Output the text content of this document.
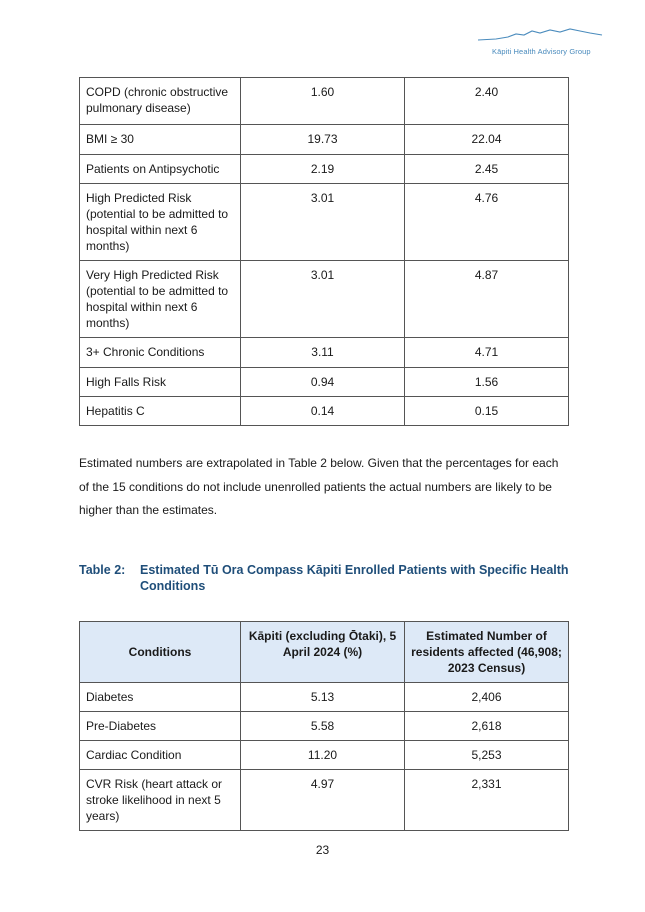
Kāpiti Health Advisory Group
COPD (chronic obstructive pulmonary disease)	1.60	2.40
BMI ≥ 30	19.73	22.04
Patients on Antipsychotic	2.19	2.45
High Predicted Risk (potential to be admitted to hospital within next 6 months)	3.01	4.76
Very High Predicted Risk (potential to be admitted to hospital within next 6 months)	3.01	4.87
3+ Chronic Conditions	3.11	4.71
High Falls Risk	0.94	1.56
Hepatitis C	0.14	0.15
Estimated numbers are extrapolated in Table 2 below. Given that the percentages for each of the 15 conditions do not include unenrolled patients the actual numbers are likely to be higher than the estimates.
Table 2:	Estimated Tū Ora Compass Kāpiti Enrolled Patients with Specific Health Conditions
Conditions	Kāpiti (excluding Ōtaki), 5 April 2024 (%)	Estimated Number of residents affected (46,908; 2023 Census)
Diabetes	5.13	2,406
Pre-Diabetes	5.58	2,618
Cardiac Condition	11.20	5,253
CVR Risk (heart attack or stroke likelihood in next 5 years)	4.97	2,331
23
